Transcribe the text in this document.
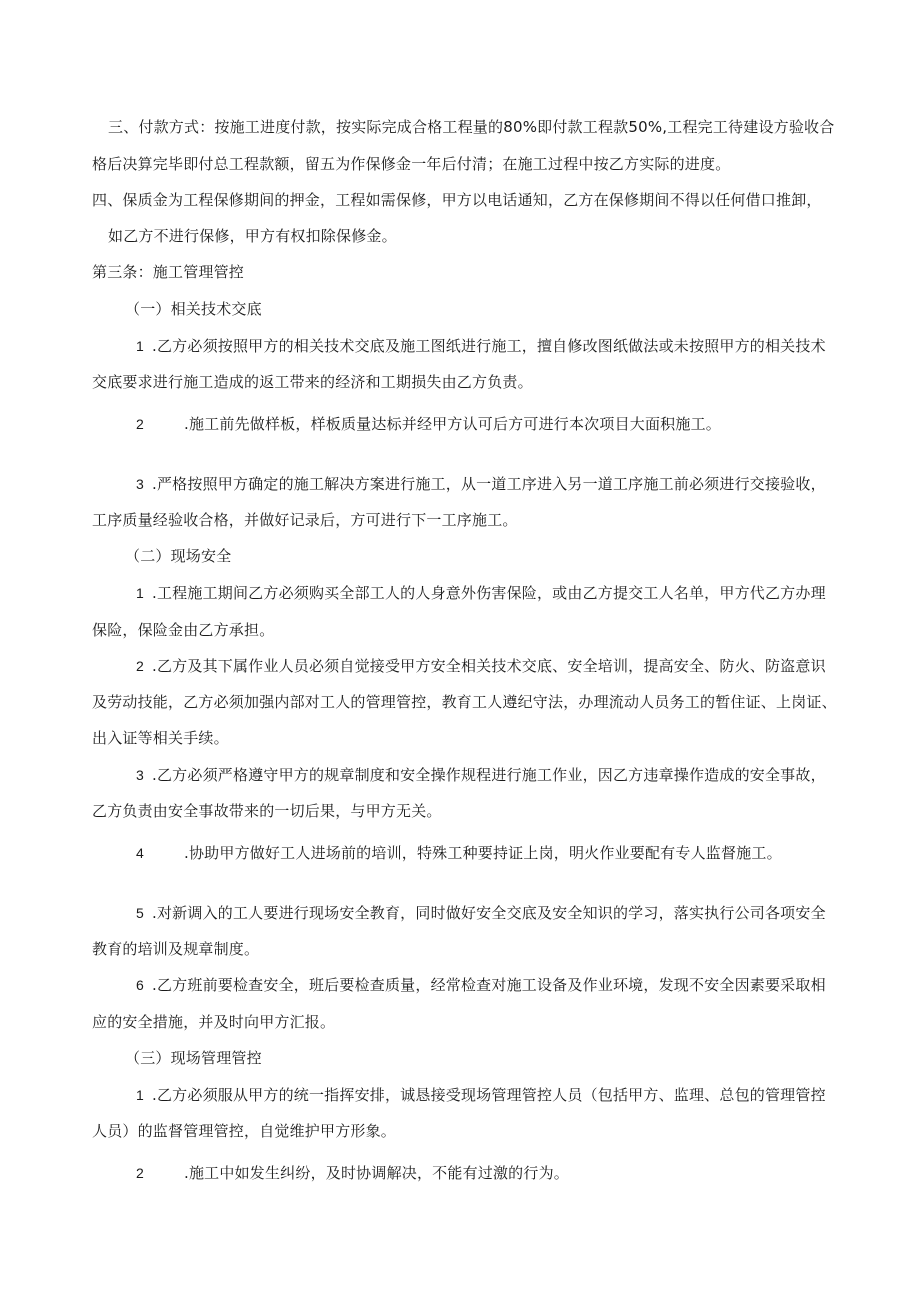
三、付款方式：按施工进度付款，按实际完成合格工程量的80%即付款工程款50%,工程完工待建设方验收合
格后决算完毕即付总工程款额，留五为作保修金一年后付清；在施工过程中按乙方实际的进度。
四、保质金为工程保修期间的押金，工程如需保修，甲方以电话通知，乙方在保修期间不得以任何借口推卸，
如乙方不进行保修，甲方有权扣除保修金。
第三条：施工管理管控
（一）相关技术交底
1 .乙方必须按照甲方的相关技术交底及施工图纸进行施工，擅自修改图纸做法或未按照甲方的相关技术
交底要求进行施工造成的返工带来的经济和工期损失由乙方负责。
2	.施工前先做样板，样板质量达标并经甲方认可后方可进行本次项目大面积施工。
3 .严格按照甲方确定的施工解决方案进行施工，从一道工序进入另一道工序施工前必须进行交接验收，
工序质量经验收合格，并做好记录后，方可进行下一工序施工。
（二）现场安全
1 .工程施工期间乙方必须购买全部工人的人身意外伤害保险，或由乙方提交工人名单，甲方代乙方办理
保险，保险金由乙方承担。
2 .乙方及其下属作业人员必须自觉接受甲方安全相关技术交底、安全培训，提高安全、防火、防盗意识
及劳动技能，乙方必须加强内部对工人的管理管控，教育工人遵纪守法，办理流动人员务工的暂住证、上岗证、
出入证等相关手续。
3 .乙方必须严格遵守甲方的规章制度和安全操作规程进行施工作业，因乙方违章操作造成的安全事故，
乙方负责由安全事故带来的一切后果，与甲方无关。
4	.协助甲方做好工人进场前的培训，特殊工种要持证上岗，明火作业要配有专人监督施工。
5 .对新调入的工人要进行现场安全教育，同时做好安全交底及安全知识的学习，落实执行公司各项安全
教育的培训及规章制度。
6 .乙方班前要检查安全，班后要检查质量，经常检查对施工设备及作业环境，发现不安全因素要采取相
应的安全措施，并及时向甲方汇报。
（三）现场管理管控
1 .乙方必须服从甲方的统一指挥安排，诚恳接受现场管理管控人员（包括甲方、监理、总包的管理管控
人员）的监督管理管控，自觉维护甲方形象。
2	.施工中如发生纠纷，及时协调解决，不能有过激的行为。
